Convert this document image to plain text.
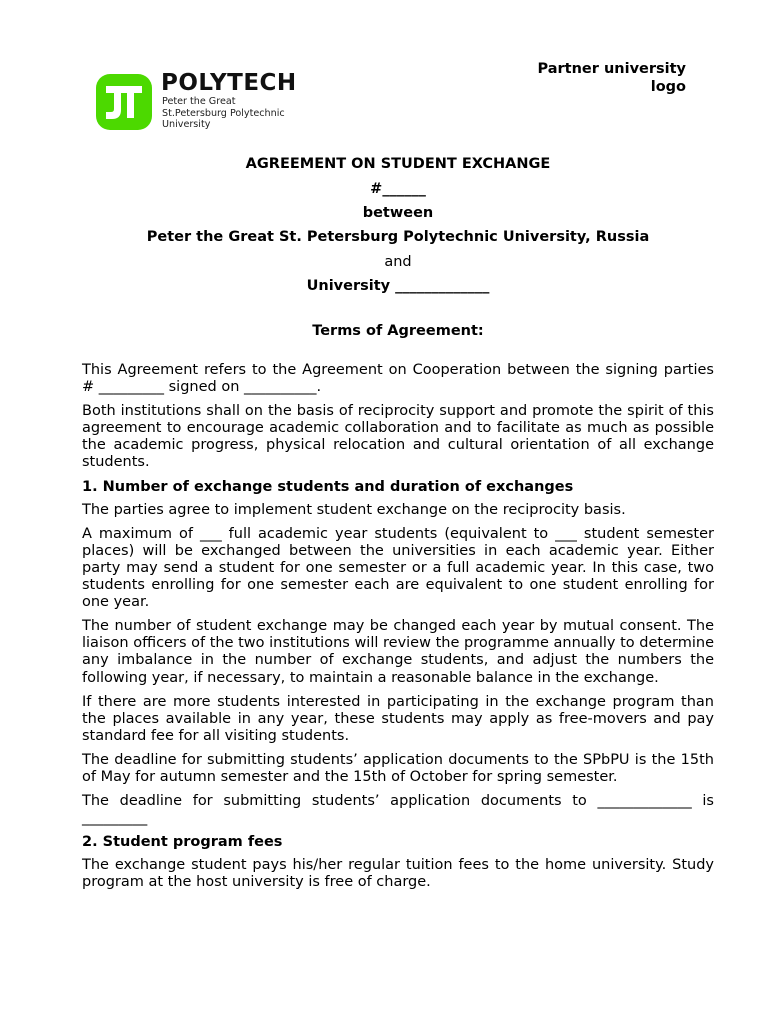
POLYTECH
Peter the Great
St.Petersburg Polytechnic
University
Partner university
logo
AGREEMENT ON STUDENT EXCHANGE
#______
between
Peter the Great St. Petersburg Polytechnic University, Russia
and
University _____________
Terms of Agreement:

This Agreement refers to the Agreement on Cooperation between the signing parties # _________ signed on __________.

Both institutions shall on the basis of reciprocity support and promote the spirit of this agreement to encourage academic collaboration and to facilitate as much as possible the academic progress, physical relocation and cultural orientation of all exchange students.

1. Number of exchange students and duration of exchanges

The parties agree to implement student exchange on the reciprocity basis.

A maximum of ___ full academic year students (equivalent to ___ student semester places) will be exchanged between the universities in each academic year. Either party may send a student for one semester or a full academic year. In this case, two students enrolling for one semester each are equivalent to one student enrolling for one year.

The number of student exchange may be changed each year by mutual consent. The liaison officers of the two institutions will review the programme annually to determine any imbalance in the number of exchange students, and adjust the numbers the following year, if necessary, to maintain a reasonable balance in the exchange.

If there are more students interested in participating in the exchange program than the places available in any year, these students may apply as free-movers and pay standard fee for all visiting students.

The deadline for submitting students’ application documents to the SPbPU is the 15th of May for autumn semester and the 15th of October for spring semester.

The deadline for submitting students’ application documents to _____________ is _________

2. Student program fees

The exchange student pays his/her regular tuition fees to the home university. Study program at the host university is free of charge.
